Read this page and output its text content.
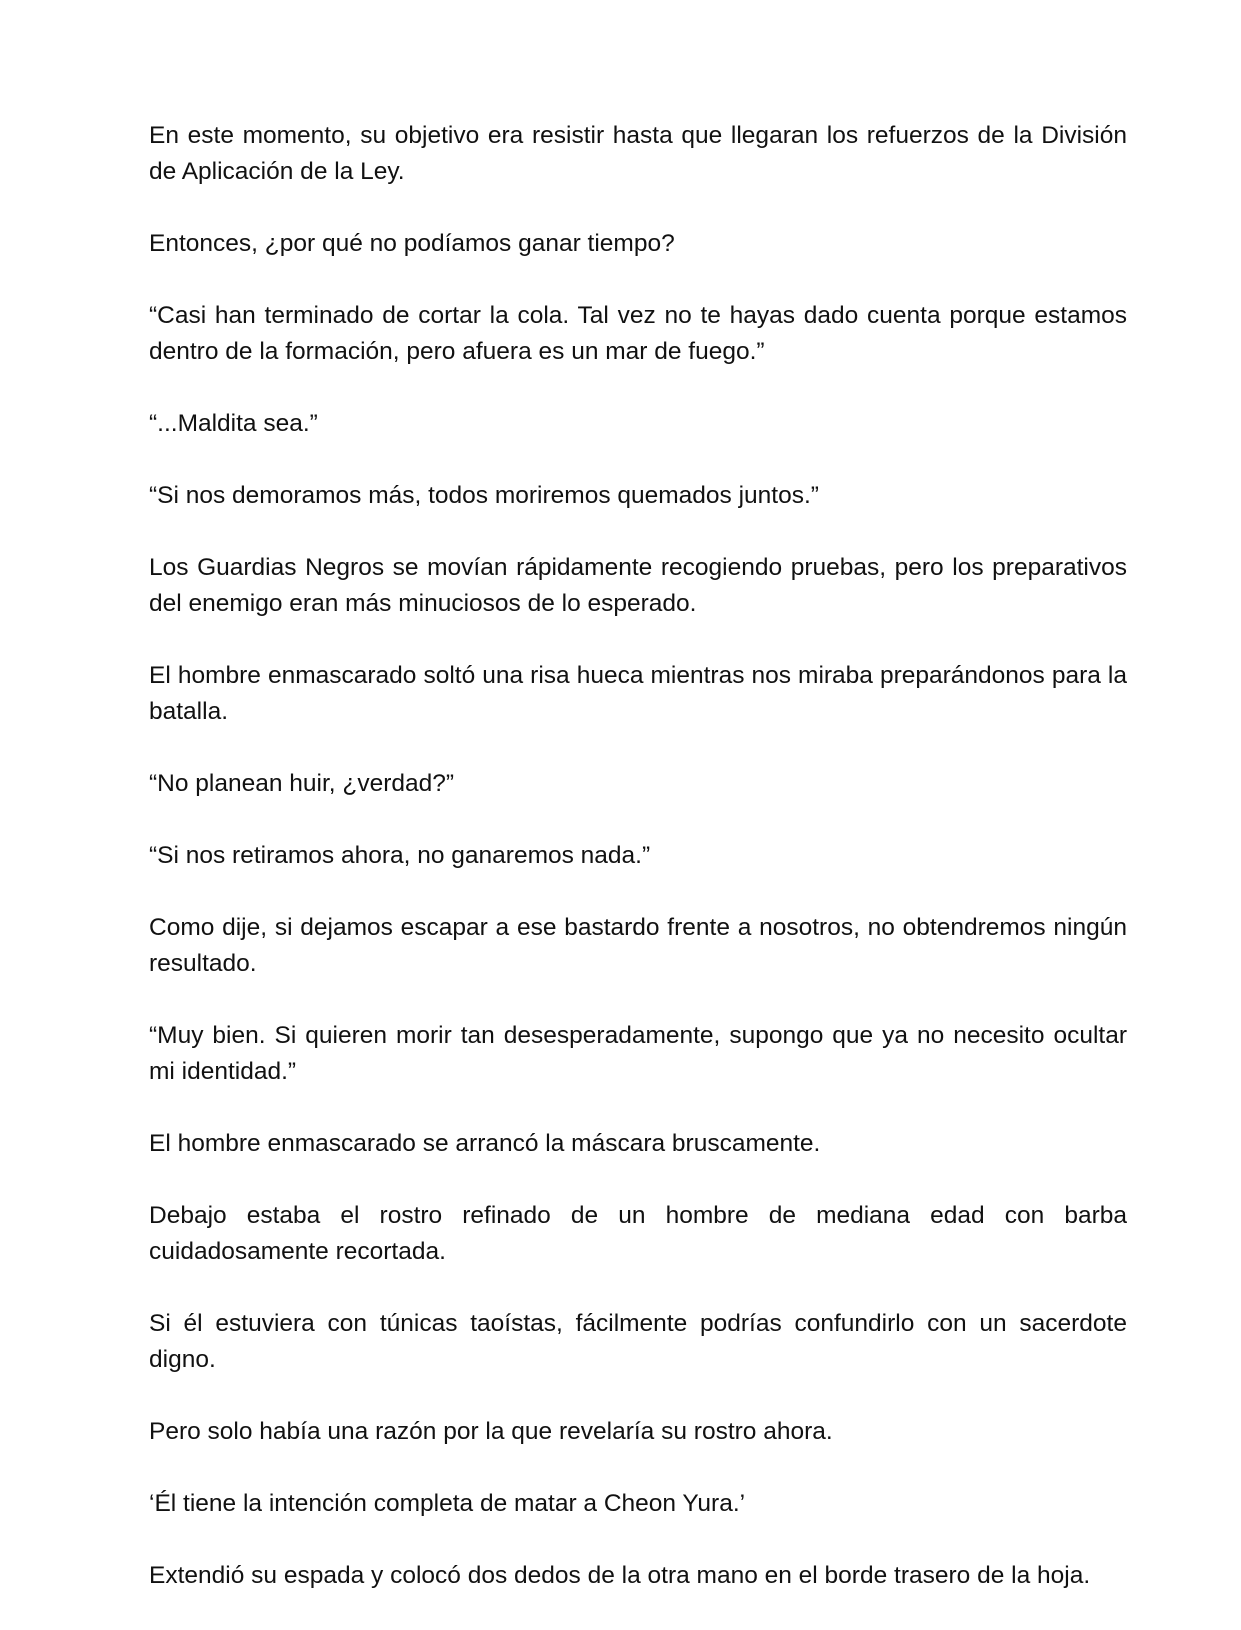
En este momento, su objetivo era resistir hasta que llegaran los refuerzos de la División de Aplicación de la Ley.

Entonces, ¿por qué no podíamos ganar tiempo?

“Casi han terminado de cortar la cola. Tal vez no te hayas dado cuenta porque estamos dentro de la formación, pero afuera es un mar de fuego.”

“...Maldita sea.”

“Si nos demoramos más, todos moriremos quemados juntos.”

Los Guardias Negros se movían rápidamente recogiendo pruebas, pero los preparativos del enemigo eran más minuciosos de lo esperado.

El hombre enmascarado soltó una risa hueca mientras nos miraba preparándonos para la batalla.

“No planean huir, ¿verdad?”

“Si nos retiramos ahora, no ganaremos nada.”

Como dije, si dejamos escapar a ese bastardo frente a nosotros, no obtendremos ningún resultado.

“Muy bien. Si quieren morir tan desesperadamente, supongo que ya no necesito ocultar mi identidad.”

El hombre enmascarado se arrancó la máscara bruscamente.

Debajo estaba el rostro refinado de un hombre de mediana edad con barba cuidadosamente recortada.

Si él estuviera con túnicas taoístas, fácilmente podrías confundirlo con un sacerdote digno.

Pero solo había una razón por la que revelaría su rostro ahora.

‘Él tiene la intención completa de matar a Cheon Yura.’

Extendió su espada y colocó dos dedos de la otra mano en el borde trasero de la hoja.
